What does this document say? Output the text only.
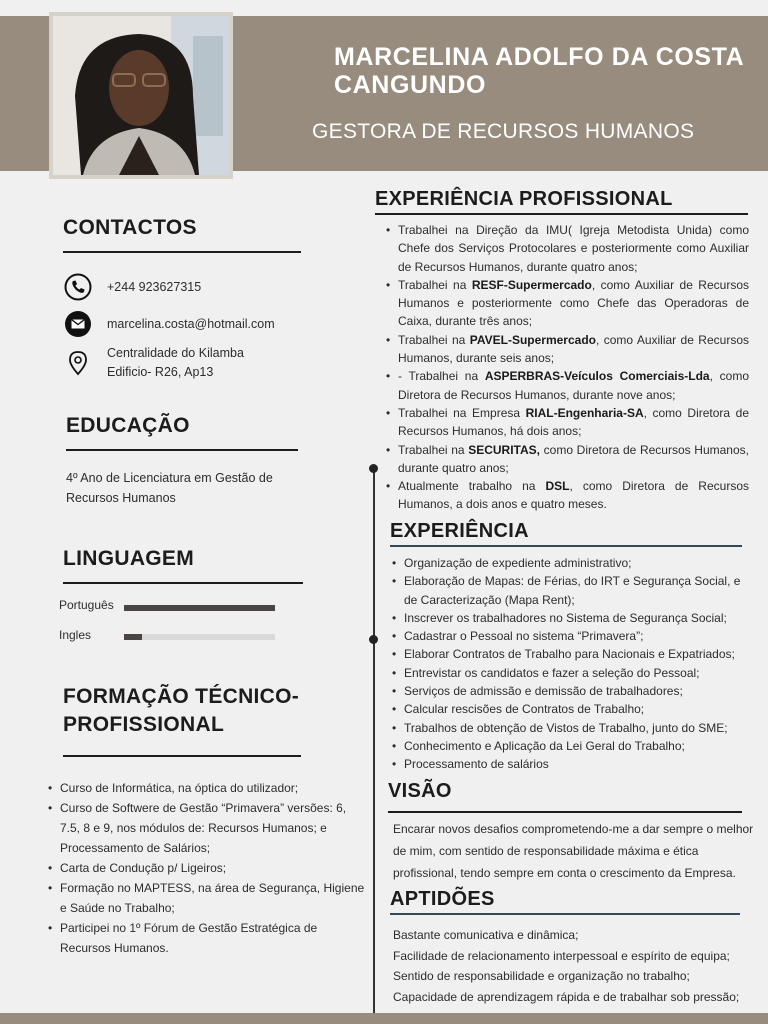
MARCELINA ADOLFO DA COSTA CANGUNDO
GESTORA DE RECURSOS HUMANOS
CONTACTOS
+244 923627315
marcelina.costa@hotmail.com
Centralidade do Kilamba
Edificio- R26, Ap13
EDUCAÇÃO
4º Ano de Licenciatura em Gestão de
Recursos Humanos
LINGUAGEM
Português
Ingles
FORMAÇÃO TÉCNICO-
PROFISSIONAL
• Curso de Informática, na óptica do utilizador;
• Curso de Softwere de Gestão “Primavera” versões: 6, 7.5, 8 e 9, nos módulos de: Recursos Humanos; e Processamento de Salários;
• Carta de Condução p/ Ligeiros;
• Formação no MAPTESS, na área de Segurança, Higiene e Saúde no Trabalho;
• Participei no 1º Fórum de Gestão Estratégica de Recursos Humanos.
EXPERIÊNCIA PROFISSIONAL
• Trabalhei na Direção da IMU( Igreja Metodista Unida) como Chefe dos Serviços Protocolares e posteriormente como Auxiliar de Recursos Humanos, durante quatro anos;
• Trabalhei na RESF-Supermercado, como Auxiliar de Recursos Humanos e posteriormente como Chefe das Operadoras de Caixa, durante três anos;
• Trabalhei na PAVEL-Supermercado, como Auxiliar de Recursos Humanos, durante seis anos;
• - Trabalhei na ASPERBRAS-Veículos Comerciais-Lda, como Diretora de Recursos Humanos, durante nove anos;
• Trabalhei na Empresa RIAL-Engenharia-SA, como Diretora de Recursos Humanos, há dois anos;
• Trabalhei na SECURITAS, como Diretora de Recursos Humanos, durante quatro anos;
• Atualmente trabalho na DSL, como Diretora de Recursos Humanos, a dois anos e quatro meses.
EXPERIÊNCIA
• Organização de expediente administrativo;
• Elaboração de Mapas: de Férias, do IRT e Segurança Social, e de Caracterização (Mapa Rent);
• Inscrever os trabalhadores no Sistema de Segurança Social;
• Cadastrar o Pessoal no sistema “Primavera”;
• Elaborar Contratos de Trabalho para Nacionais e Expatriados;
• Entrevistar os candidatos e fazer a seleção do Pessoal;
• Serviços de admissão e demissão de trabalhadores;
• Calcular rescisões de Contratos de Trabalho;
• Trabalhos de obtenção de Vistos de Trabalho, junto do SME;
• Conhecimento e Aplicação da Lei Geral do Trabalho;
• Processamento de salários
VISÃO
Encarar novos desafios comprometendo-me a dar sempre o melhor de mim, com sentido de responsabilidade máxima e ética profissional, tendo sempre em conta o crescimento da Empresa.
APTIDÕES
Bastante comunicativa e dinâmica;
Facilidade de relacionamento interpessoal e espírito de equipa;
Sentido de responsabilidade e organização no trabalho;
Capacidade de aprendizagem rápida e de trabalhar sob pressão;
